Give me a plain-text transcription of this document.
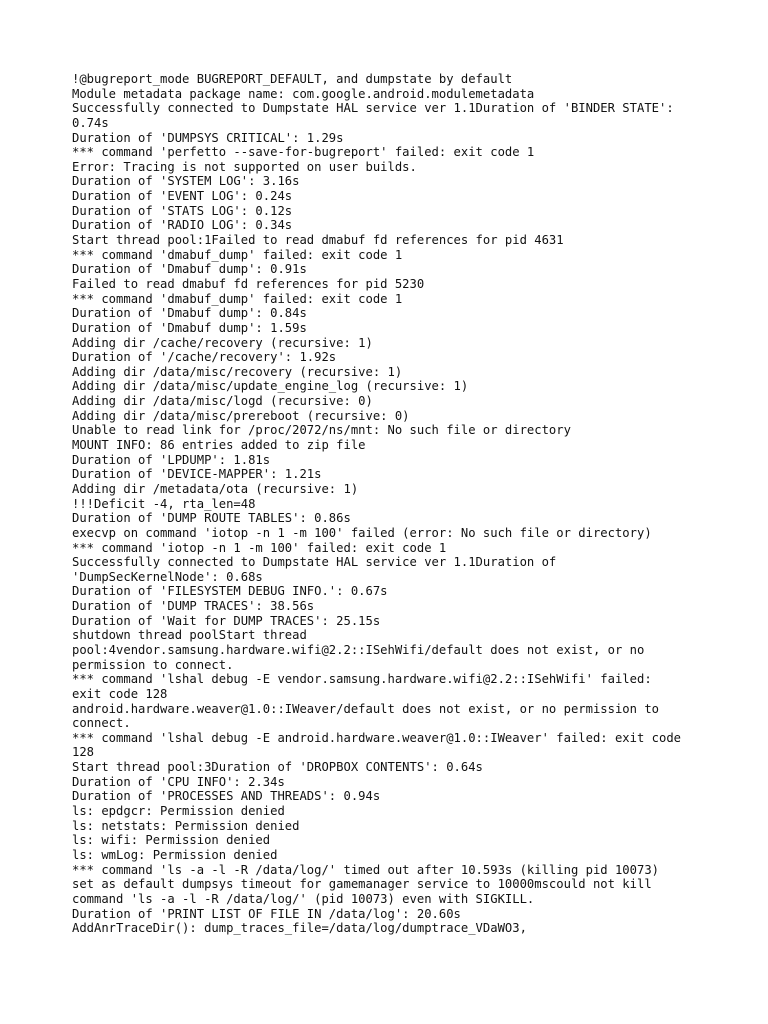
!@bugreport_mode BUGREPORT_DEFAULT, and dumpstate by default
Module metadata package name: com.google.android.modulemetadata
Successfully connected to Dumpstate HAL service ver 1.1Duration of 'BINDER STATE':
0.74s
Duration of 'DUMPSYS CRITICAL': 1.29s
*** command 'perfetto --save-for-bugreport' failed: exit code 1
Error: Tracing is not supported on user builds.
Duration of 'SYSTEM LOG': 3.16s
Duration of 'EVENT LOG': 0.24s
Duration of 'STATS LOG': 0.12s
Duration of 'RADIO LOG': 0.34s
Start thread pool:1Failed to read dmabuf fd references for pid 4631
*** command 'dmabuf_dump' failed: exit code 1
Duration of 'Dmabuf dump': 0.91s
Failed to read dmabuf fd references for pid 5230
*** command 'dmabuf_dump' failed: exit code 1
Duration of 'Dmabuf dump': 0.84s
Duration of 'Dmabuf dump': 1.59s
Adding dir /cache/recovery (recursive: 1)
Duration of '/cache/recovery': 1.92s
Adding dir /data/misc/recovery (recursive: 1)
Adding dir /data/misc/update_engine_log (recursive: 1)
Adding dir /data/misc/logd (recursive: 0)
Adding dir /data/misc/prereboot (recursive: 0)
Unable to read link for /proc/2072/ns/mnt: No such file or directory
MOUNT INFO: 86 entries added to zip file
Duration of 'LPDUMP': 1.81s
Duration of 'DEVICE-MAPPER': 1.21s
Adding dir /metadata/ota (recursive: 1)
!!!Deficit -4, rta_len=48
Duration of 'DUMP ROUTE TABLES': 0.86s
execvp on command 'iotop -n 1 -m 100' failed (error: No such file or directory)
*** command 'iotop -n 1 -m 100' failed: exit code 1
Successfully connected to Dumpstate HAL service ver 1.1Duration of
'DumpSecKernelNode': 0.68s
Duration of 'FILESYSTEM DEBUG INFO.': 0.67s
Duration of 'DUMP TRACES': 38.56s
Duration of 'Wait for DUMP TRACES': 25.15s
shutdown thread poolStart thread
pool:4vendor.samsung.hardware.wifi@2.2::ISehWifi/default does not exist, or no
permission to connect.
*** command 'lshal debug -E vendor.samsung.hardware.wifi@2.2::ISehWifi' failed:
exit code 128
android.hardware.weaver@1.0::IWeaver/default does not exist, or no permission to
connect.
*** command 'lshal debug -E android.hardware.weaver@1.0::IWeaver' failed: exit code
128
Start thread pool:3Duration of 'DROPBOX CONTENTS': 0.64s
Duration of 'CPU INFO': 2.34s
Duration of 'PROCESSES AND THREADS': 0.94s
ls: epdgcr: Permission denied
ls: netstats: Permission denied
ls: wifi: Permission denied
ls: wmLog: Permission denied
*** command 'ls -a -l -R /data/log/' timed out after 10.593s (killing pid 10073)
set as default dumpsys timeout for gamemanager service to 10000mscould not kill
command 'ls -a -l -R /data/log/' (pid 10073) even with SIGKILL.
Duration of 'PRINT LIST OF FILE IN /data/log': 20.60s
AddAnrTraceDir(): dump_traces_file=/data/log/dumptrace_VDaWO3,
